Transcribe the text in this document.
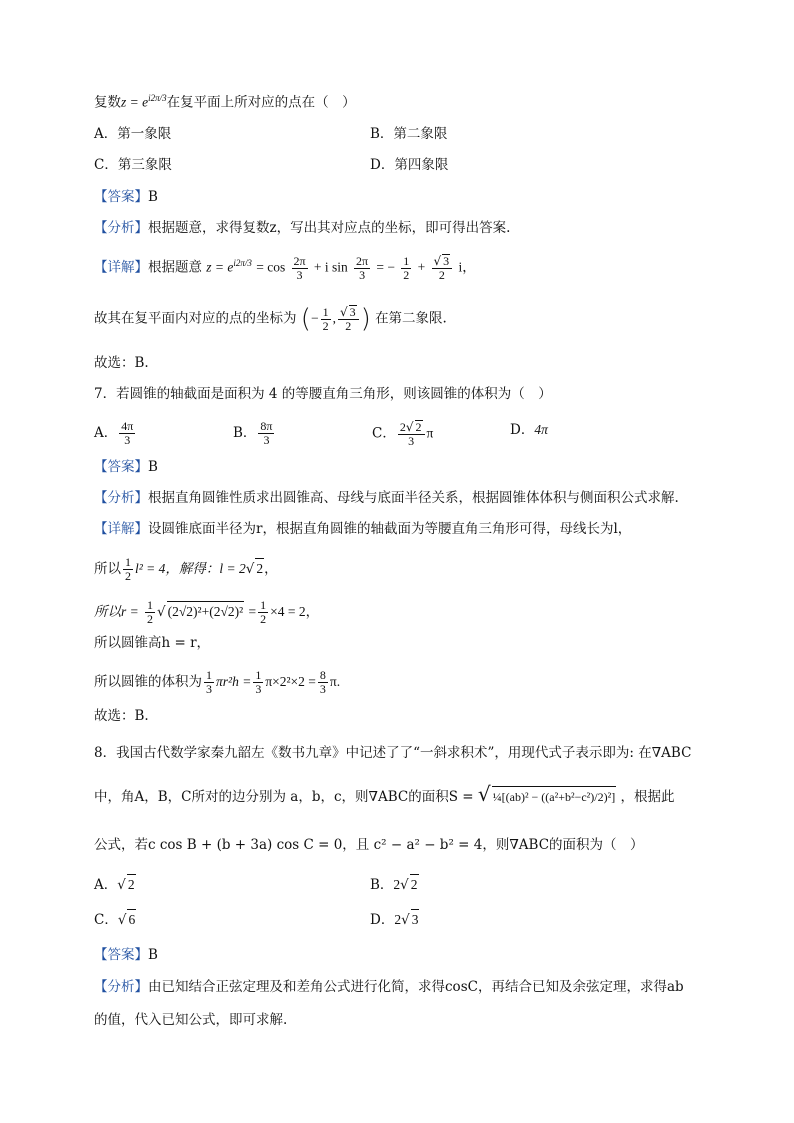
复数$z = e^{i2\pi/3}$在复平面上所对应的点在（　）
A．第一象限	B．第二象限
C．第三象限	D．第四象限
【答案】B
【分析】根据题意，求得复数z，写出其对应点的坐标，即可得出答案.
【详解】根据题意 $z = e^{i2\pi/3} = \cos \frac{2\pi}{3} + i$ $\sin \frac{2\pi}{3}$ = − $\frac{1}{2} + \frac{√ 3}{2}$ i，
故其在复平面内对应的点的坐标为 (− $\frac{1}{2}$ , $\frac{√ 3}{2}$ ) 在第二象限.
故选：B.
7．若圆锥的轴截面是面积为 4 的等腰直角三角形，则该圆锥的体积为（　）
A． $\frac{4\pi}{3}$	B． $\frac{8\pi}{3}$	C． $\frac{2√ 2}{3}$ π	D．4π
【答案】B
【分析】根据直角圆锥性质求出圆锥高、母线与底面半径关系，根据圆锥体体积与侧面积公式求解.
【详解】设圆锥底面半径为r，根据直角圆锥的轴截面为等腰直角三角形可得，母线长为l，
所以 $\frac{1}{2} l^2 = 4$，解得：l = 2√ 2，
所以$r = \frac{1}{2}$ √ $(2√2)^2+(2√2)^2 = \frac{1}{2} \times 4 = 2$，
所以圆锥高h = r，
所以圆锥的体积为 $\frac{1}{3} \pi r^2h = \frac{1}{3} \pi\times 2^2\times 2 = \frac{8}{3} \pi$.
故选：B.
8．我国古代数学家秦九韶左《数书九章》中记述了了“一斜求积术”，用现代式子表示即为: 在∇ABC
中，角A，B，C所对的边分别为 a，b，c，则∇ABC的面积S = √ ¼[(ab)² − ((a²+b²−c²)/2)²] ，根据此
公式，若c cos B + (b + 3a) cos C = 0，且 c² − a² − b² = 4，则∇ABC的面积为（　）
A．√ 2	B．2√ 2
C．√ 6	D．2√ 3
【答案】B
【分析】由已知结合正弦定理及和差角公式进行化简，求得cosC，再结合已知及余弦定理，求得ab
的值，代入已知公式，即可求解.
